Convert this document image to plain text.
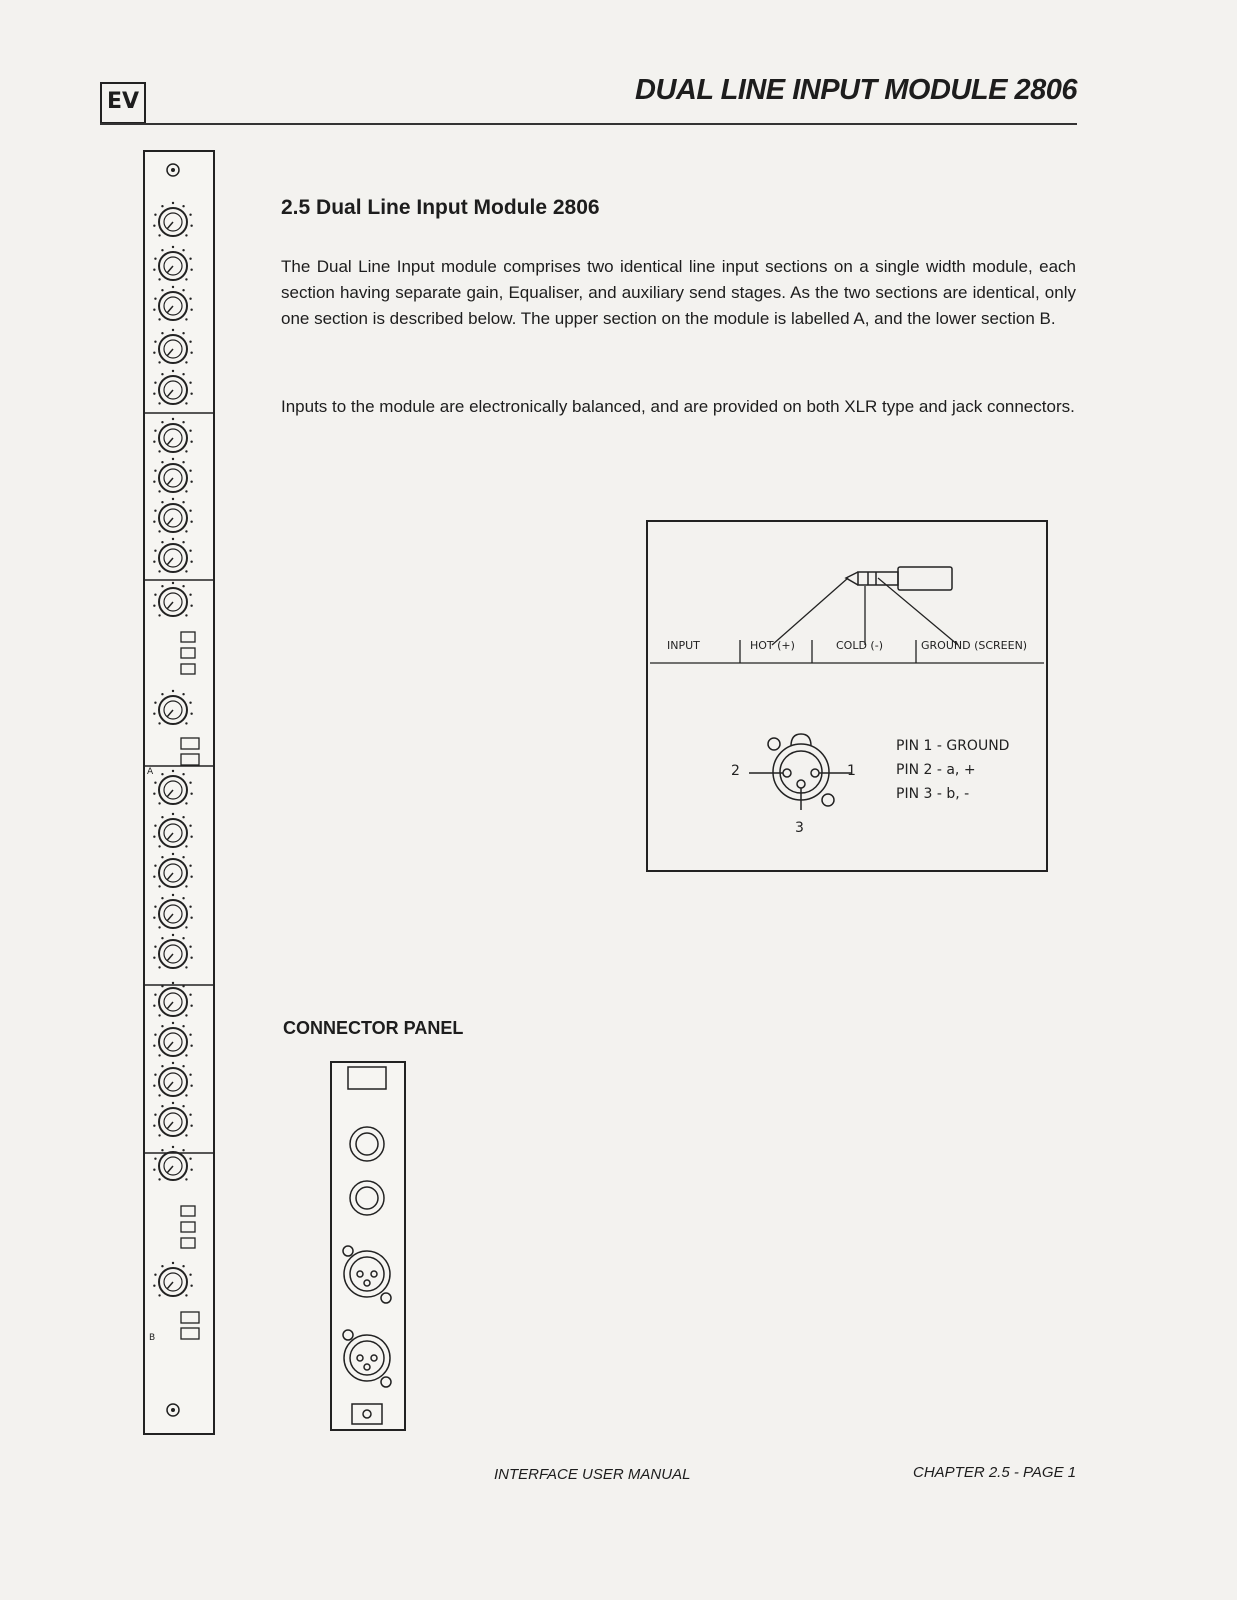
EV	DUAL LINE INPUT MODULE 2806
A
B
2.5 Dual Line Input Module 2806
The Dual Line Input module comprises two identical line input sections on a single width module, each section having separate gain, Equaliser, and auxiliary send stages. As the two sections are identical, only one section is described below. The upper section on the module is labelled A, and the lower section B.
Inputs to the module are electronically balanced, and are provided on both XLR type and jack connectors.
INPUT	HOT (+)	COLD (-)	GROUND (SCREEN)
2	1
3
PIN 1 - GROUND
PIN 2 - a, +
PIN 3 - b, -
CONNECTOR PANEL
INTERFACE USER MANUAL	CHAPTER 2.5 - PAGE 1
